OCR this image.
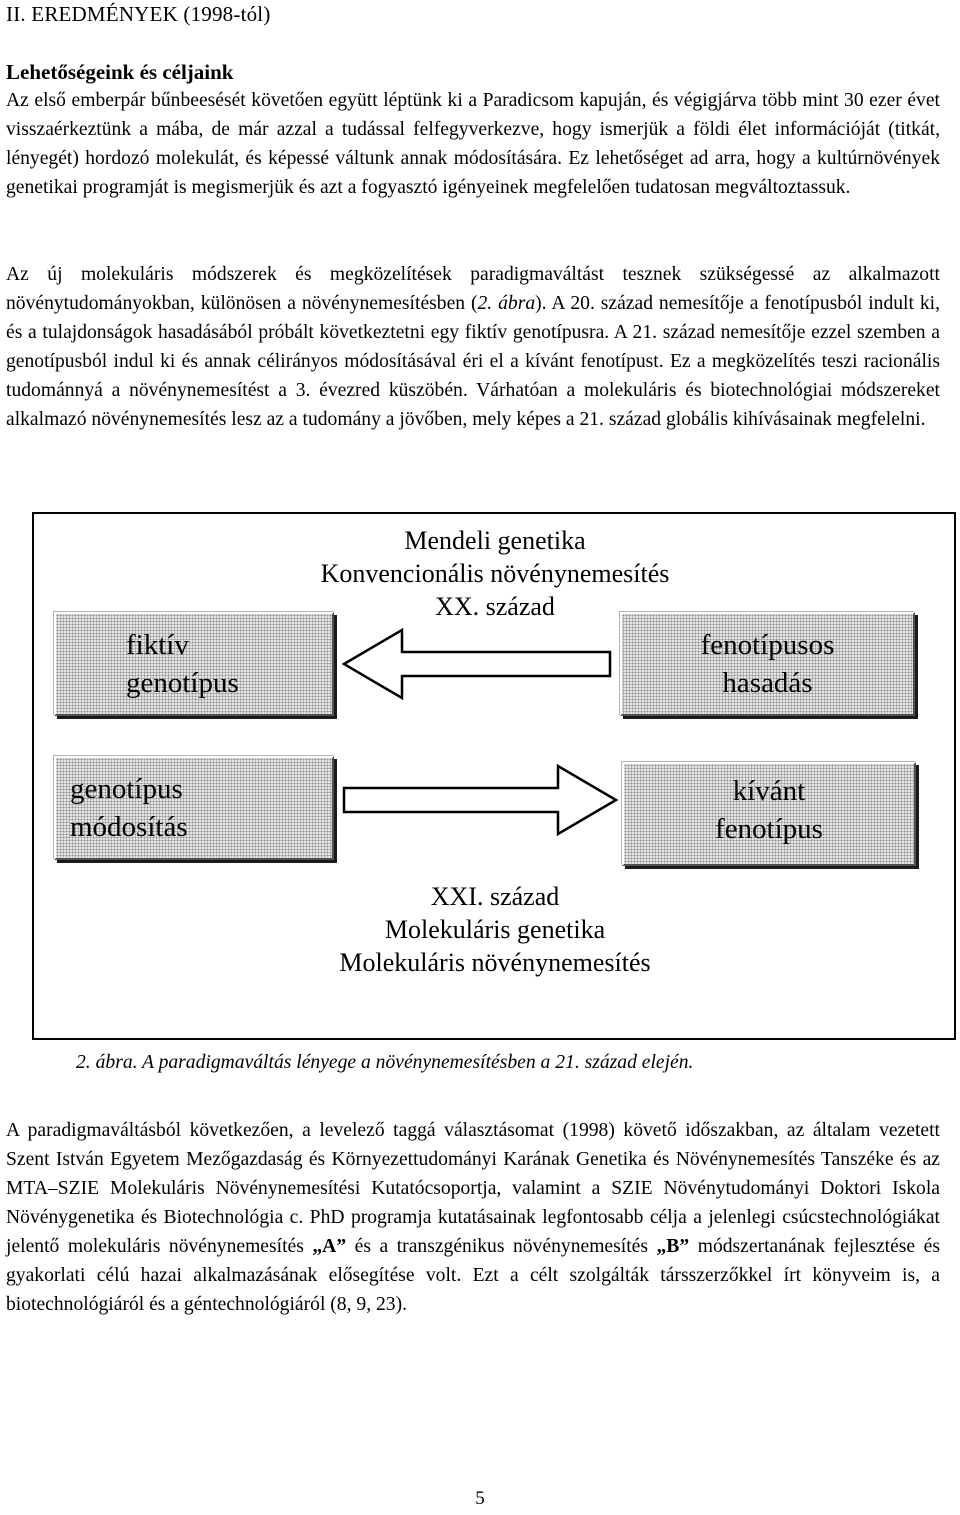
II. EREDMÉNYEK (1998-tól)
Lehetőségeink és céljaink
Az első emberpár bűnbeesését követően együtt léptünk ki a Paradicsom kapuján, és végigjárva több mint 30 ezer évet visszaérkeztünk a mába, de már azzal a tudással felfegyverkezve, hogy ismerjük a földi élet információját (titkát, lényegét) hordozó molekulát, és képessé váltunk annak módosítására. Ez lehetőséget ad arra, hogy a kultúrnövények genetikai programját is megismerjük és azt a fogyasztó igényeinek megfelelően tudatosan megváltoztassuk.
Az új molekuláris módszerek és megközelítések paradigmaváltást tesznek szükségessé az alkalmazott növénytudományokban, különösen a növénynemesítésben (2. ábra). A 20. század nemesítője a fenotípusból indult ki, és a tulajdonságok hasadásából próbált következtetni egy fiktív genotípusra. A 21. század nemesítője ezzel szemben a genotípusból indul ki és annak célirányos módosításával éri el a kívánt fenotípust. Ez a megközelítés teszi racionális tudománnyá a növénynemesítést a 3. évezred küszöbén. Várhatóan a molekuláris és biotechnológiai módszereket alkalmazó növénynemesítés lesz az a tudomány a jövőben, mely képes a 21. század globális kihívásainak megfelelni.
Mendeli genetika
Konvencionális növénynemesítés
XX. század
fiktív
genotípus
fenotípusos
hasadás
genotípus
módosítás
kívánt
fenotípus
XXI. század
Molekuláris genetika
Molekuláris növénynemesítés
2. ábra. A paradigmaváltás lényege a növénynemesítésben a 21. század elején.
A paradigmaváltásból következően, a levelező taggá választásomat (1998) követő időszakban, az általam vezetett Szent István Egyetem Mezőgazdaság és Környezettudományi Karának Genetika és Növénynemesítés Tanszéke és az MTA–SZIE Molekuláris Növénynemesítési Kutatócsoportja, valamint a SZIE Növénytudományi Doktori Iskola Növénygenetika és Biotechnológia c. PhD programja kutatásainak legfontosabb célja a jelenlegi csúcstechnológiákat jelentő molekuláris növénynemesítés „A” és a transzgénikus növénynemesítés „B” módszertanának fejlesztése és gyakorlati célú hazai alkalmazásának elősegítése volt. Ezt a célt szolgálták társszerzőkkel írt könyveim is, a biotechnológiáról és a géntechnológiáról (8, 9, 23).
5
